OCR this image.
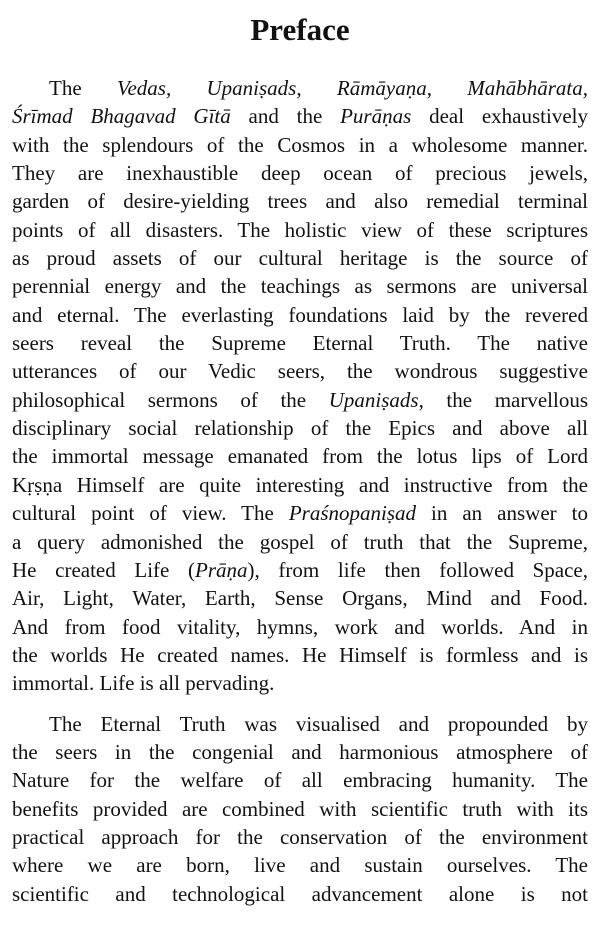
Preface
The Vedas, Upaniṣads, Rāmāyaṇa, Mahābhārata,
Śrīmad Bhagavad Gītā and the Purāṇas deal exhaustively
with the splendours of the Cosmos in a wholesome manner.
They are inexhaustible deep ocean of precious jewels,
garden of desire-yielding trees and also remedial terminal
points of all disasters. The holistic view of these scriptures
as proud assets of our cultural heritage is the source of
perennial energy and the teachings as sermons are universal
and eternal. The everlasting foundations laid by the revered
seers reveal the Supreme Eternal Truth. The native
utterances of our Vedic seers, the wondrous suggestive
philosophical sermons of the Upaniṣads, the marvellous
disciplinary social relationship of the Epics and above all
the immortal message emanated from the lotus lips of Lord
Kṛṣṇa Himself are quite interesting and instructive from the
cultural point of view. The Praśnopaniṣad in an answer to
a query admonished the gospel of truth that the Supreme,
He created Life (Prāṇa), from life then followed Space,
Air, Light, Water, Earth, Sense Organs, Mind and Food.
And from food vitality, hymns, work and worlds. And in
the worlds He created names. He Himself is formless and is
immortal. Life is all pervading.
The Eternal Truth was visualised and propounded by
the seers in the congenial and harmonious atmosphere of
Nature for the welfare of all embracing humanity. The
benefits provided are combined with scientific truth with its
practical approach for the conservation of the environment
where we are born, live and sustain ourselves. The
scientific and technological advancement alone is not
